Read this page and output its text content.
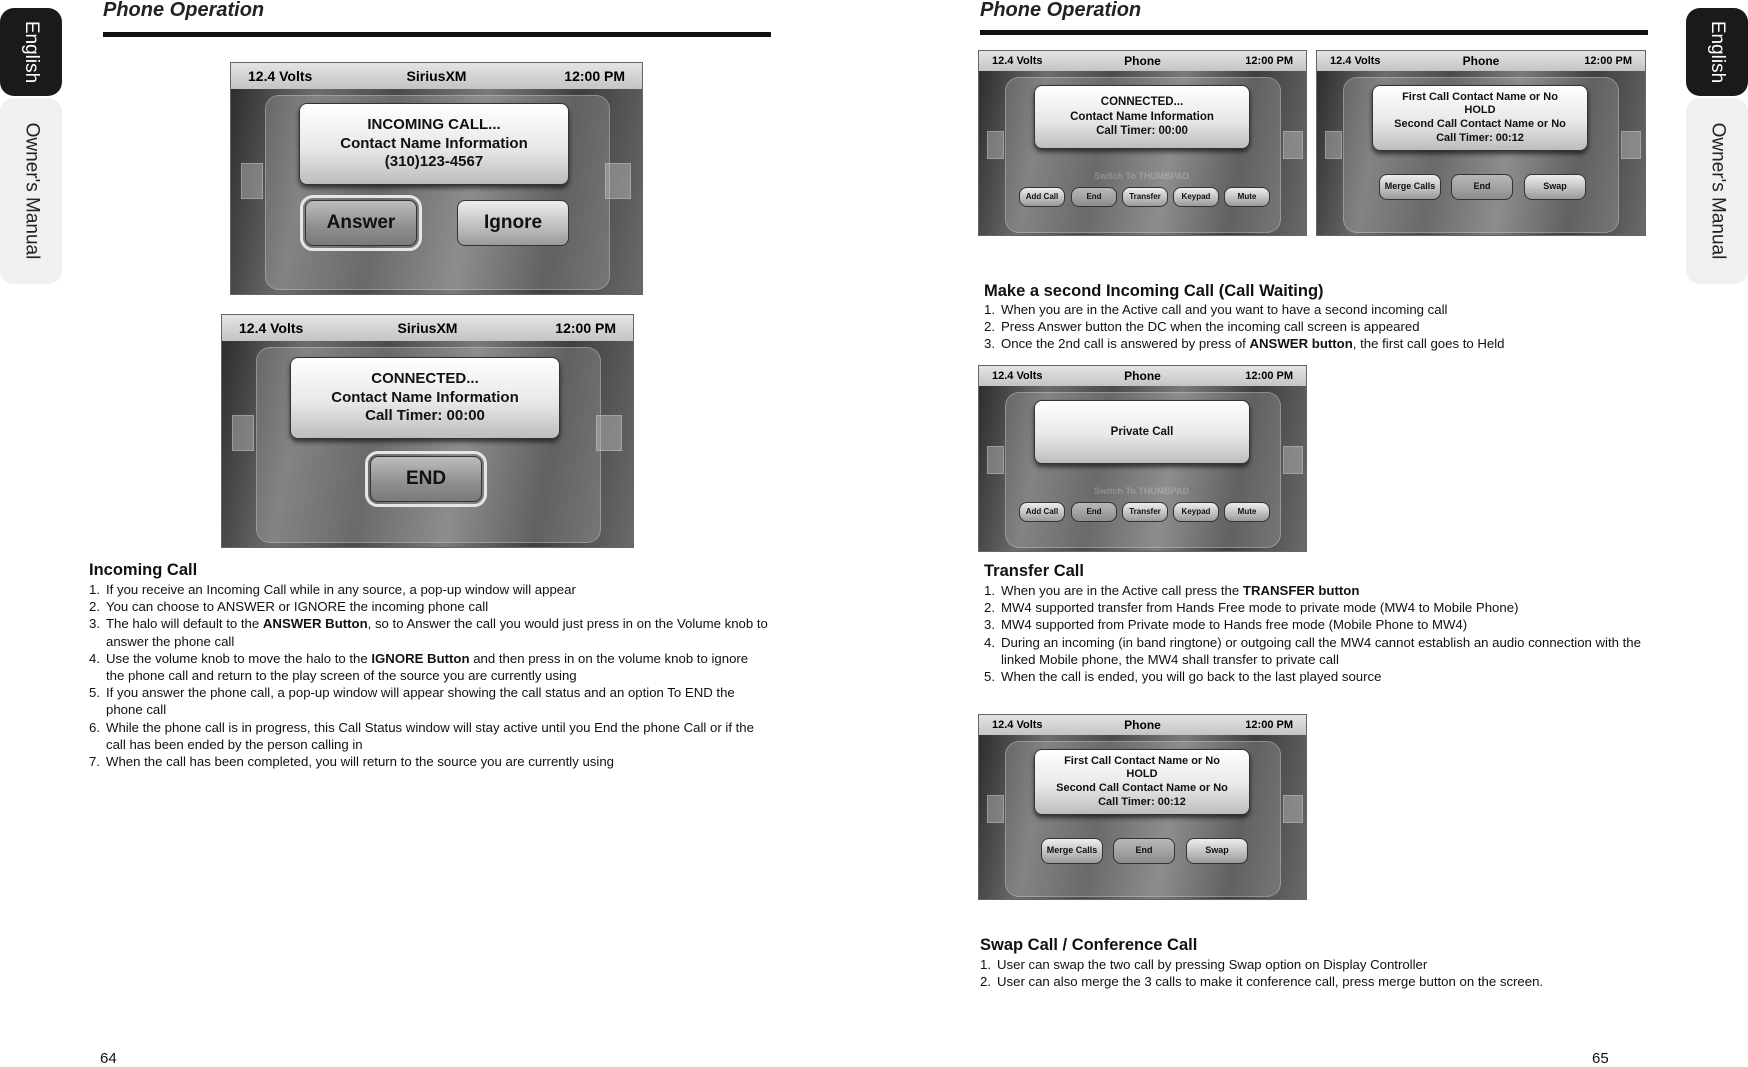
Phone Operation
English
Owner's Manual
12.4 Volts	SiriusXM	12:00 PM
INCOMING CALL...
Contact Name Information
(310)123-4567
Answer	Ignore
12.4 Volts	SiriusXM	12:00 PM
CONNECTED...
Contact Name Information
Call Timer: 00:00
END
Incoming Call
1. If you receive an Incoming Call while in any source, a pop-up window will appear
2. You can choose to ANSWER or IGNORE the incoming phone call
3. The halo will default to the ANSWER Button, so to Answer the call you would just press in on the Volume knob to answer the phone call
4. Use the volume knob to move the halo to the IGNORE Button and then press in on the volume knob to ignore the phone call and return to the play screen of the source you are currently using
5. If you answer the phone call, a pop-up window will appear showing the call status and an option To END the phone call
6. While the phone call is in progress, this Call Status window will stay active until you End the phone Call or if the call has been ended by the person calling in
7. When the call has been completed, you will return to the source you are currently using
64
Phone Operation
English
Owner's Manual
12.4 Volts	Phone	12:00 PM
CONNECTED...
Contact Name Information
Call Timer: 00:00
Switch To THUMBPAD
Add Call	End	Transfer	Keypad	Mute
12.4 Volts	Phone	12:00 PM
First Call Contact Name or No
HOLD
Second Call Contact Name or No
Call Timer: 00:12
Merge Calls	End	Swap
Make a second Incoming Call (Call Waiting)
1. When you are in the Active call and you want to have a second incoming call
2. Press Answer button the DC when the incoming call screen is appeared
3. Once the 2nd call is answered by press of ANSWER button, the first call goes to Held
12.4 Volts	Phone	12:00 PM
Private Call
Switch To THUMBPAD
Add Call	End	Transfer	Keypad	Mute
Transfer Call
1. When you are in the Active call press the TRANSFER button
2. MW4 supported transfer from Hands Free mode to private mode (MW4 to Mobile Phone)
3. MW4 supported from Private mode to Hands free mode (Mobile Phone to MW4)
4. During an incoming (in band ringtone) or outgoing call the MW4 cannot establish an audio connection with the linked Mobile phone, the MW4 shall transfer to private call
5. When the call is ended, you will go back to the last played source
12.4 Volts	Phone	12:00 PM
First Call Contact Name or No
HOLD
Second Call Contact Name or No
Call Timer: 00:12
Merge Calls	End	Swap
Swap Call / Conference Call
1. User can swap the two call by pressing Swap option on Display Controller
2. User can also merge the 3 calls to make it conference call, press merge button on the screen.
65
